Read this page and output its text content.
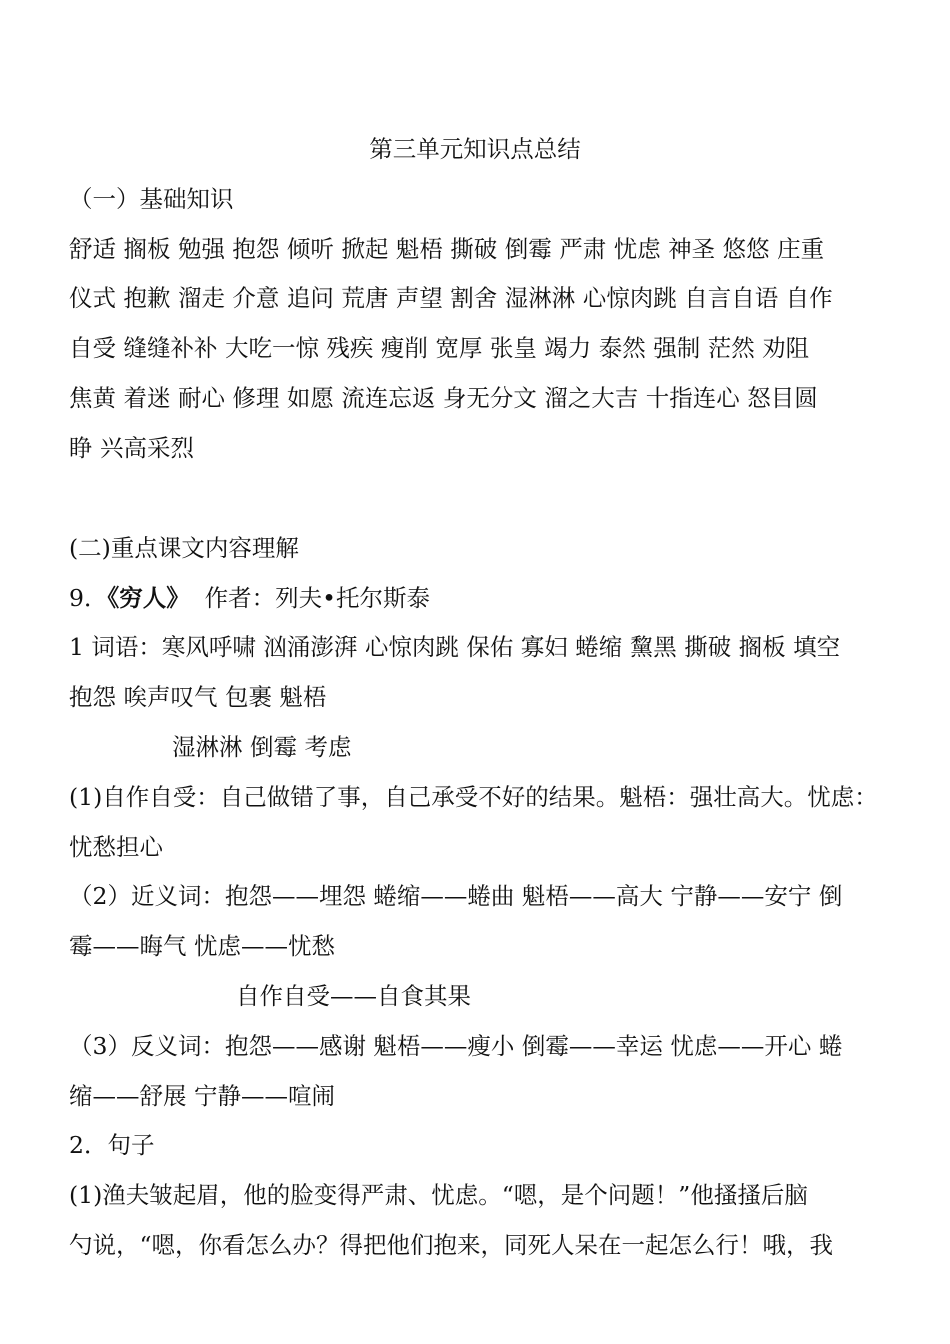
第三单元知识点总结
（一）基础知识
舒适 搁板 勉强 抱怨 倾听 掀起 魁梧 撕破 倒霉 严肃 忧虑 神圣 悠悠 庄重
仪式 抱歉 溜走 介意 追问 荒唐 声望 割舍 湿淋淋 心惊肉跳 自言自语 自作
自受 缝缝补补 大吃一惊 残疾 瘦削 宽厚 张皇 竭力 泰然 强制 茫然 劝阻
焦黄 着迷 耐心 修理 如愿 流连忘返 身无分文 溜之大吉 十指连心 怒目圆
睁 兴高采烈
(二)重点课文内容理解
9．《穷人》 作者：列夫•托尔斯泰
1 词语：寒风呼啸 汹涌澎湃 心惊肉跳 保佑 寡妇 蜷缩 黧黑 撕破 搁板 填空
抱怨 唉声叹气 包裹 魁梧
湿淋淋 倒霉 考虑
(1)自作自受：自己做错了事，自己承受不好的结果。魁梧：强壮高大。忧虑：
忧愁担心
（2）近义词：抱怨——埋怨 蜷缩——蜷曲 魁梧——高大 宁静——安宁 倒
霉——晦气 忧虑——忧愁
自作自受——自食其果
（3）反义词：抱怨——感谢 魁梧——瘦小 倒霉——幸运 忧虑——开心 蜷
缩——舒展 宁静——喧闹
2．句子
(1)渔夫皱起眉，他的脸变得严肃、忧虑。“嗯，是个问题！”他搔搔后脑
勺说，“嗯，你看怎么办？得把他们抱来，同死人呆在一起怎么行！哦，我
